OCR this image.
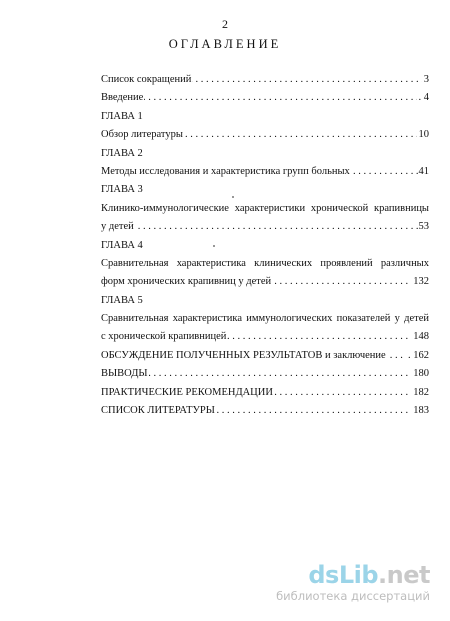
2
ОГЛАВЛЕНИЕ
. . . Список сокращений	3
. . . Введение	. 4
ГЛАВА 1
. . . Обзор литературы	10
ГЛАВА 2
. . . Методы исследования и характеристика групп больных	.41
ГЛАВА 3
Клинико-иммунологические характеристики хронической крапивницы
. . . у детей	.53
ГЛАВА 4
Сравнительная характеристика клинических проявлений различных
. . . форм хронических крапивниц у детей	132
ГЛАВА 5
Сравнительная характеристика иммунологических показателей у детей
. . . с хронической крапивницей	148
. . . ОБСУЖДЕНИЕ ПОЛУЧЕННЫХ РЕЗУЛЬТАТОВ и заключение . 162
. . . ВЫВОДЫ	180
. . . ПРАКТИЧЕСКИЕ РЕКОМЕНДАЦИИ	182
. . . СПИСОК ЛИТЕРАТУРЫ	183
dsLib.net
библиотека диссертаций
